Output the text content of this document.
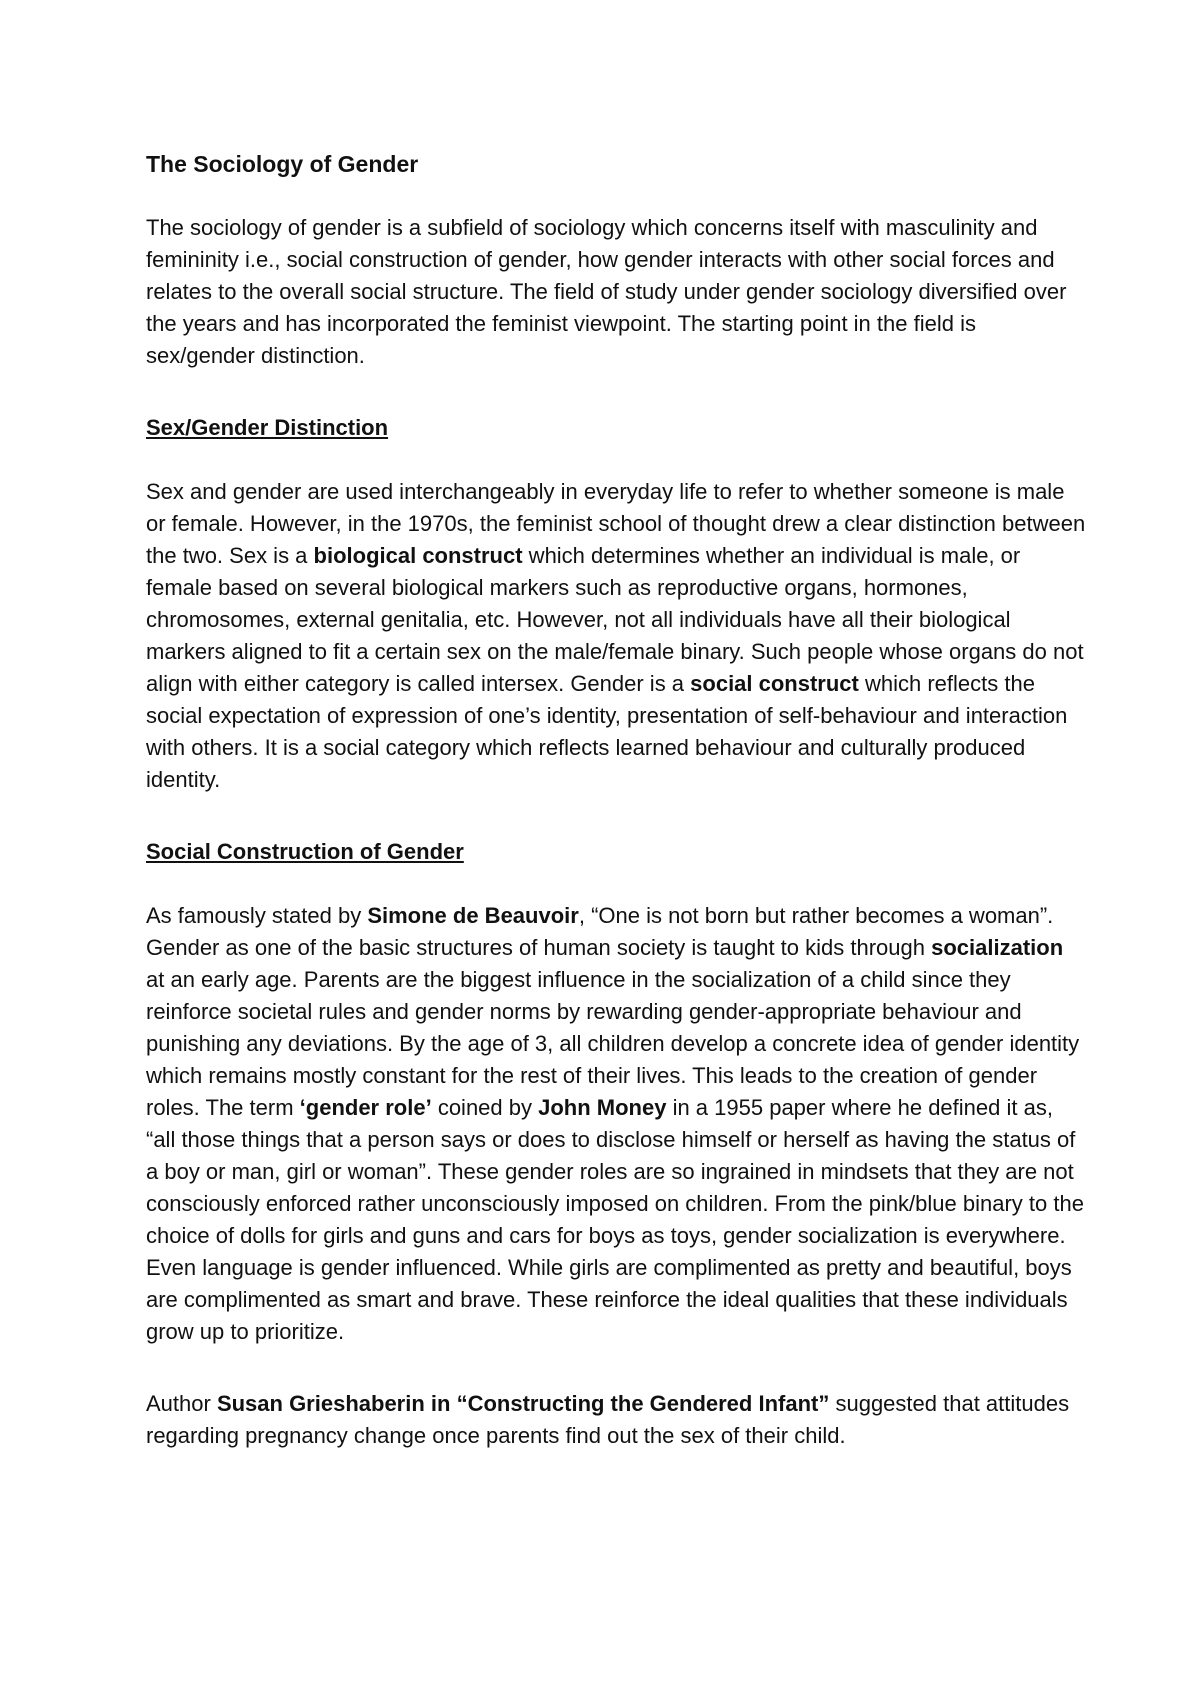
The Sociology of Gender

The sociology of gender is a subfield of sociology which concerns itself with masculinity and femininity i.e., social construction of gender, how gender interacts with other social forces and relates to the overall social structure. The field of study under gender sociology diversified over the years and has incorporated the feminist viewpoint. The starting point in the field is sex/gender distinction.

Sex/Gender Distinction

Sex and gender are used interchangeably in everyday life to refer to whether someone is male or female. However, in the 1970s, the feminist school of thought drew a clear distinction between the two. Sex is a biological construct which determines whether an individual is male, or female based on several biological markers such as reproductive organs, hormones, chromosomes, external genitalia, etc. However, not all individuals have all their biological markers aligned to fit a certain sex on the male/female binary. Such people whose organs do not align with either category is called intersex. Gender is a social construct which reflects the social expectation of expression of one’s identity, presentation of self-behaviour and interaction with others. It is a social category which reflects learned behaviour and culturally produced identity.

Social Construction of Gender

As famously stated by Simone de Beauvoir, “One is not born but rather becomes a woman”. Gender as one of the basic structures of human society is taught to kids through socialization at an early age. Parents are the biggest influence in the socialization of a child since they reinforce societal rules and gender norms by rewarding gender-appropriate behaviour and punishing any deviations. By the age of 3, all children develop a concrete idea of gender identity which remains mostly constant for the rest of their lives. This leads to the creation of gender roles. The term ‘gender role’ coined by John Money in a 1955 paper where he defined it as, “all those things that a person says or does to disclose himself or herself as having the status of a boy or man, girl or woman”. These gender roles are so ingrained in mindsets that they are not consciously enforced rather unconsciously imposed on children. From the pink/blue binary to the choice of dolls for girls and guns and cars for boys as toys, gender socialization is everywhere. Even language is gender influenced. While girls are complimented as pretty and beautiful, boys are complimented as smart and brave. These reinforce the ideal qualities that these individuals grow up to prioritize.

Author Susan Grieshaberin in “Constructing the Gendered Infant” suggested that attitudes regarding pregnancy change once parents find out the sex of their child.
